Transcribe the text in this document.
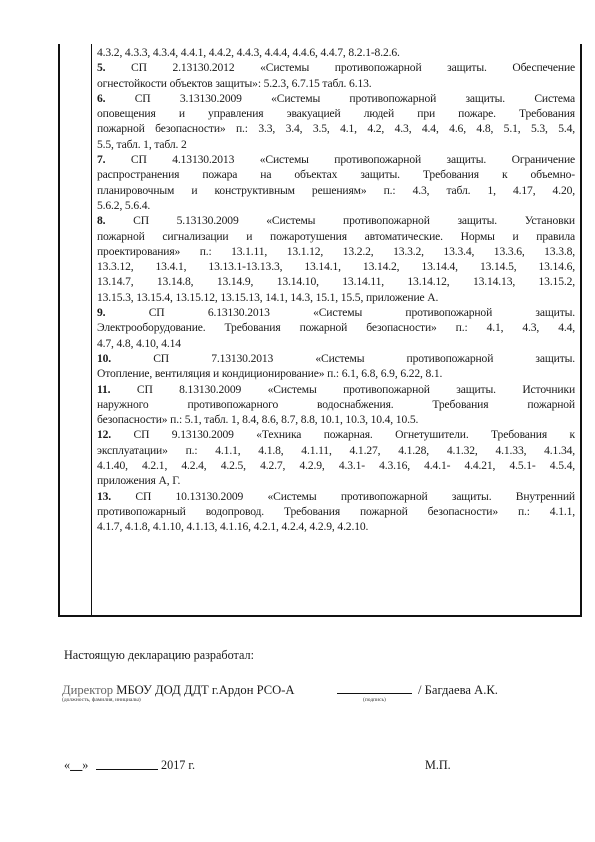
4.3.2, 4.3.3, 4.3.4, 4.4.1, 4.4.2, 4.4.3, 4.4.4, 4.4.6, 4.4.7, 8.2.1-8.2.6.
5. СП 2.13130.2012 «Системы противопожарной защиты. Обеспечение
огнестойкости объектов защиты»: 5.2.3, 6.7.15 табл. 6.13.
6. СП 3.13130.2009 «Системы противопожарной защиты. Система
оповещения и управления эвакуацией людей при пожаре. Требования
пожарной безопасности» п.: 3.3, 3.4, 3.5, 4.1, 4.2, 4.3, 4.4, 4.6, 4.8, 5.1, 5.3, 5.4,
5.5, табл. 1, табл. 2
7. СП 4.13130.2013 «Системы противопожарной защиты. Ограничение
распространения пожара на объектах защиты. Требования к объемно-
планировочным и конструктивным решениям» п.: 4.3, табл. 1, 4.17, 4.20,
5.6.2, 5.6.4.
8. СП 5.13130.2009 «Системы противопожарной защиты. Установки
пожарной сигнализации и пожаротушения автоматические. Нормы и правила
проектирования» п.: 13.1.11, 13.1.12, 13.2.2, 13.3.2, 13.3.4, 13.3.6, 13.3.8,
13.3.12, 13.4.1, 13.13.1-13.13.3, 13.14.1, 13.14.2, 13.14.4, 13.14.5, 13.14.6,
13.14.7, 13.14.8, 13.14.9, 13.14.10, 13.14.11, 13.14.12, 13.14.13, 13.15.2,
13.15.3, 13.15.4, 13.15.12, 13.15.13, 14.1, 14.3, 15.1, 15.5, приложение А.
9. СП 6.13130.2013 «Системы противопожарной защиты.
Электрооборудование. Требования пожарной безопасности» п.: 4.1, 4.3, 4.4,
4.7, 4.8, 4.10, 4.14
10. СП 7.13130.2013 «Системы противопожарной защиты.
Отопление, вентиляция и кондиционирование» п.: 6.1, 6.8, 6.9, 6.22, 8.1.
11. СП 8.13130.2009 «Системы противопожарной защиты. Источники
наружного противопожарного водоснабжения. Требования пожарной
безопасности» п.: 5.1, табл. 1, 8.4, 8.6, 8.7, 8.8, 10.1, 10.3, 10.4, 10.5.
12. СП 9.13130.2009 «Техника пожарная. Огнетушители. Требования к
эксплуатации» п.: 4.1.1, 4.1.8, 4.1.11, 4.1.27, 4.1.28, 4.1.32, 4.1.33, 4.1.34,
4.1.40, 4.2.1, 4.2.4, 4.2.5, 4.2.7, 4.2.9, 4.3.1- 4.3.16, 4.4.1- 4.4.21, 4.5.1- 4.5.4,
приложения А, Г.
13. СП 10.13130.2009 «Системы противопожарной защиты. Внутренний
противопожарный водопровод. Требования пожарной безопасности» п.: 4.1.1,
4.1.7, 4.1.8, 4.1.10, 4.1.13, 4.1.16, 4.2.1, 4.2.4, 4.2.9, 4.2.10.
Настоящую декларацию разработал:
Директор МБОУ ДОД ДДТ г.Ардон РСО-А	/ Багдаева А.К.
(должность, фамилия, инициалы)	(подпись)
«__»	2017 г.	М.П.
